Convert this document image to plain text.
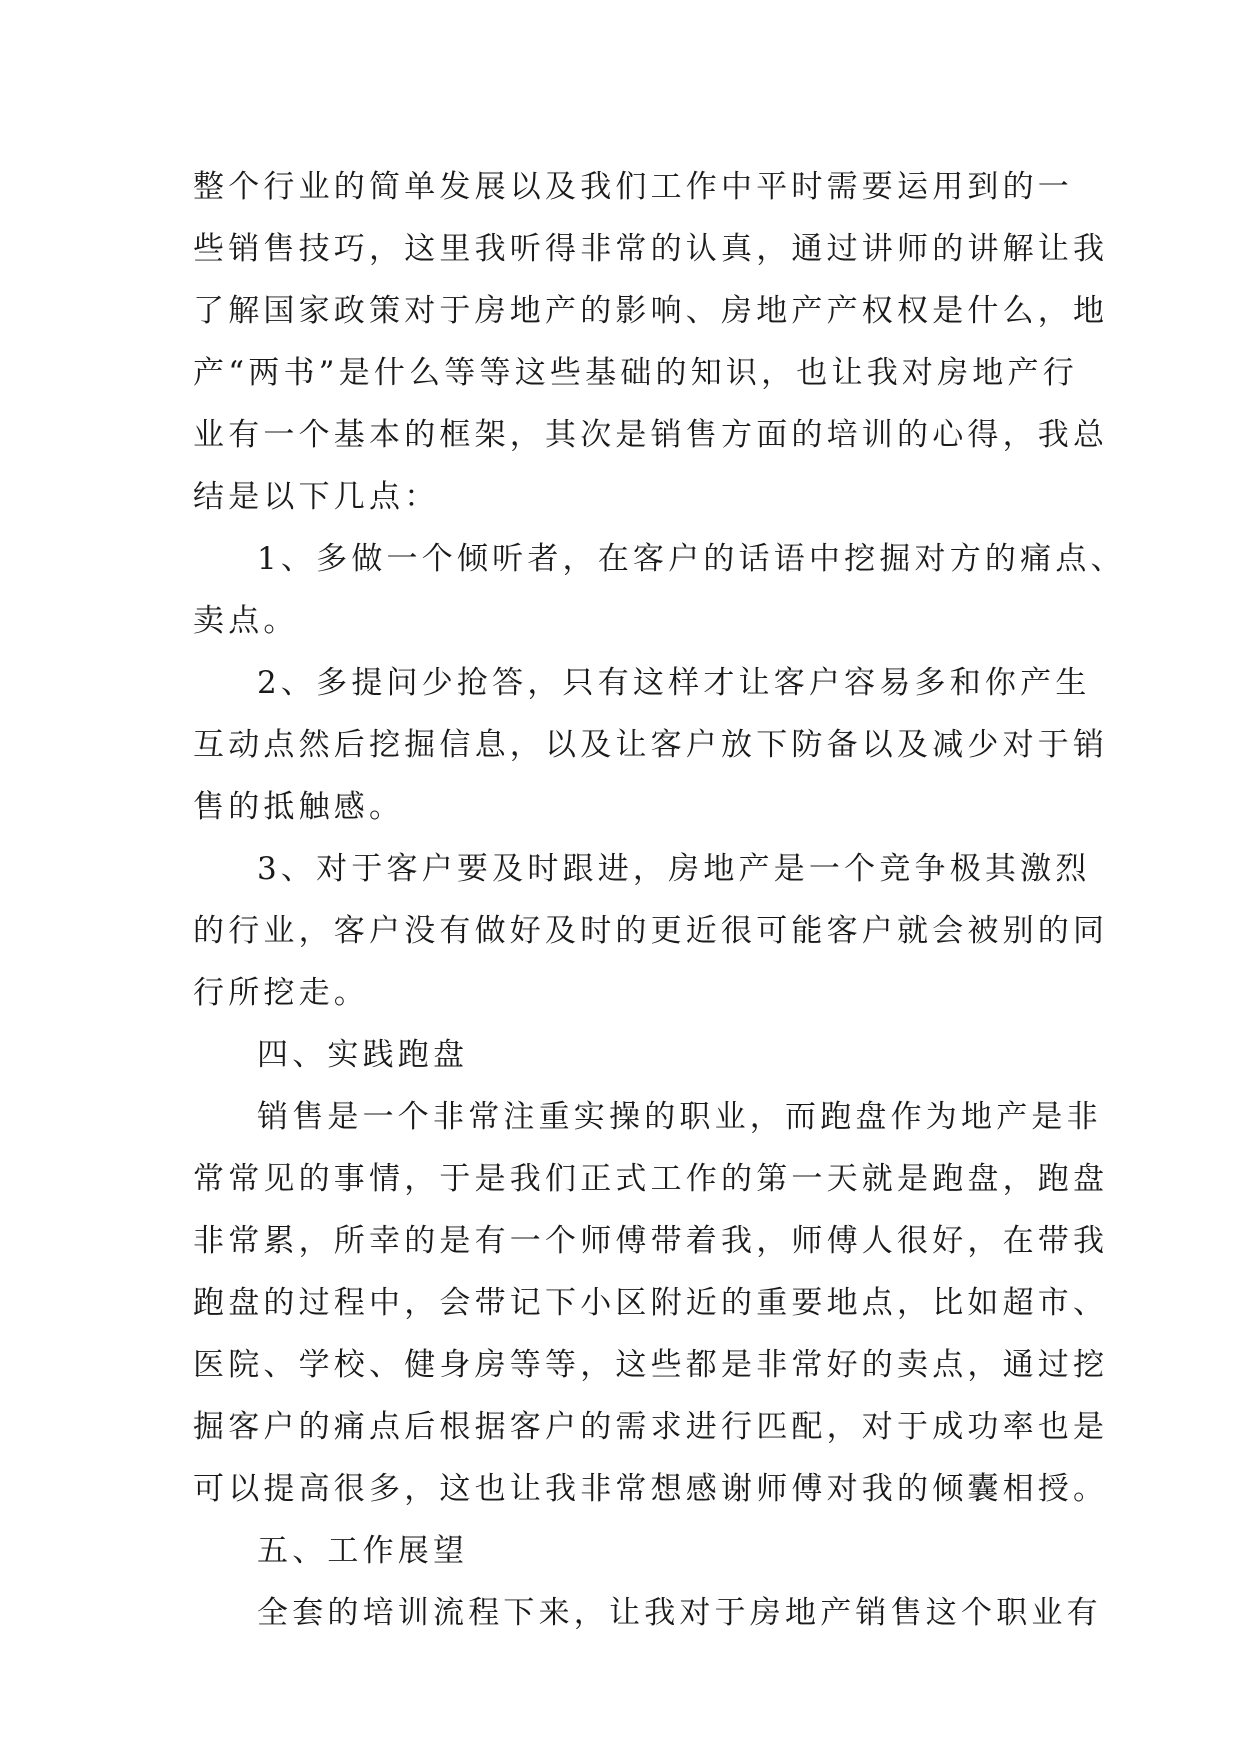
整个行业的简单发展以及我们工作中平时需要运用到的一
些销售技巧，这里我听得非常的认真，通过讲师的讲解让我
了解国家政策对于房地产的影响、房地产产权权是什么，地
产“两书”是什么等等这些基础的知识，也让我对房地产行
业有一个基本的框架，其次是销售方面的培训的心得，我总
结是以下几点：
1、多做一个倾听者，在客户的话语中挖掘对方的痛点、
卖点。
2、多提问少抢答，只有这样才让客户容易多和你产生
互动点然后挖掘信息，以及让客户放下防备以及减少对于销
售的抵触感。
3、对于客户要及时跟进，房地产是一个竞争极其激烈
的行业，客户没有做好及时的更近很可能客户就会被别的同
行所挖走。
四、实践跑盘
销售是一个非常注重实操的职业，而跑盘作为地产是非
常常见的事情，于是我们正式工作的第一天就是跑盘，跑盘
非常累，所幸的是有一个师傅带着我，师傅人很好，在带我
跑盘的过程中，会带记下小区附近的重要地点，比如超市、
医院、学校、健身房等等，这些都是非常好的卖点，通过挖
掘客户的痛点后根据客户的需求进行匹配，对于成功率也是
可以提高很多，这也让我非常想感谢师傅对我的倾囊相授。
五、工作展望
全套的培训流程下来，让我对于房地产销售这个职业有
